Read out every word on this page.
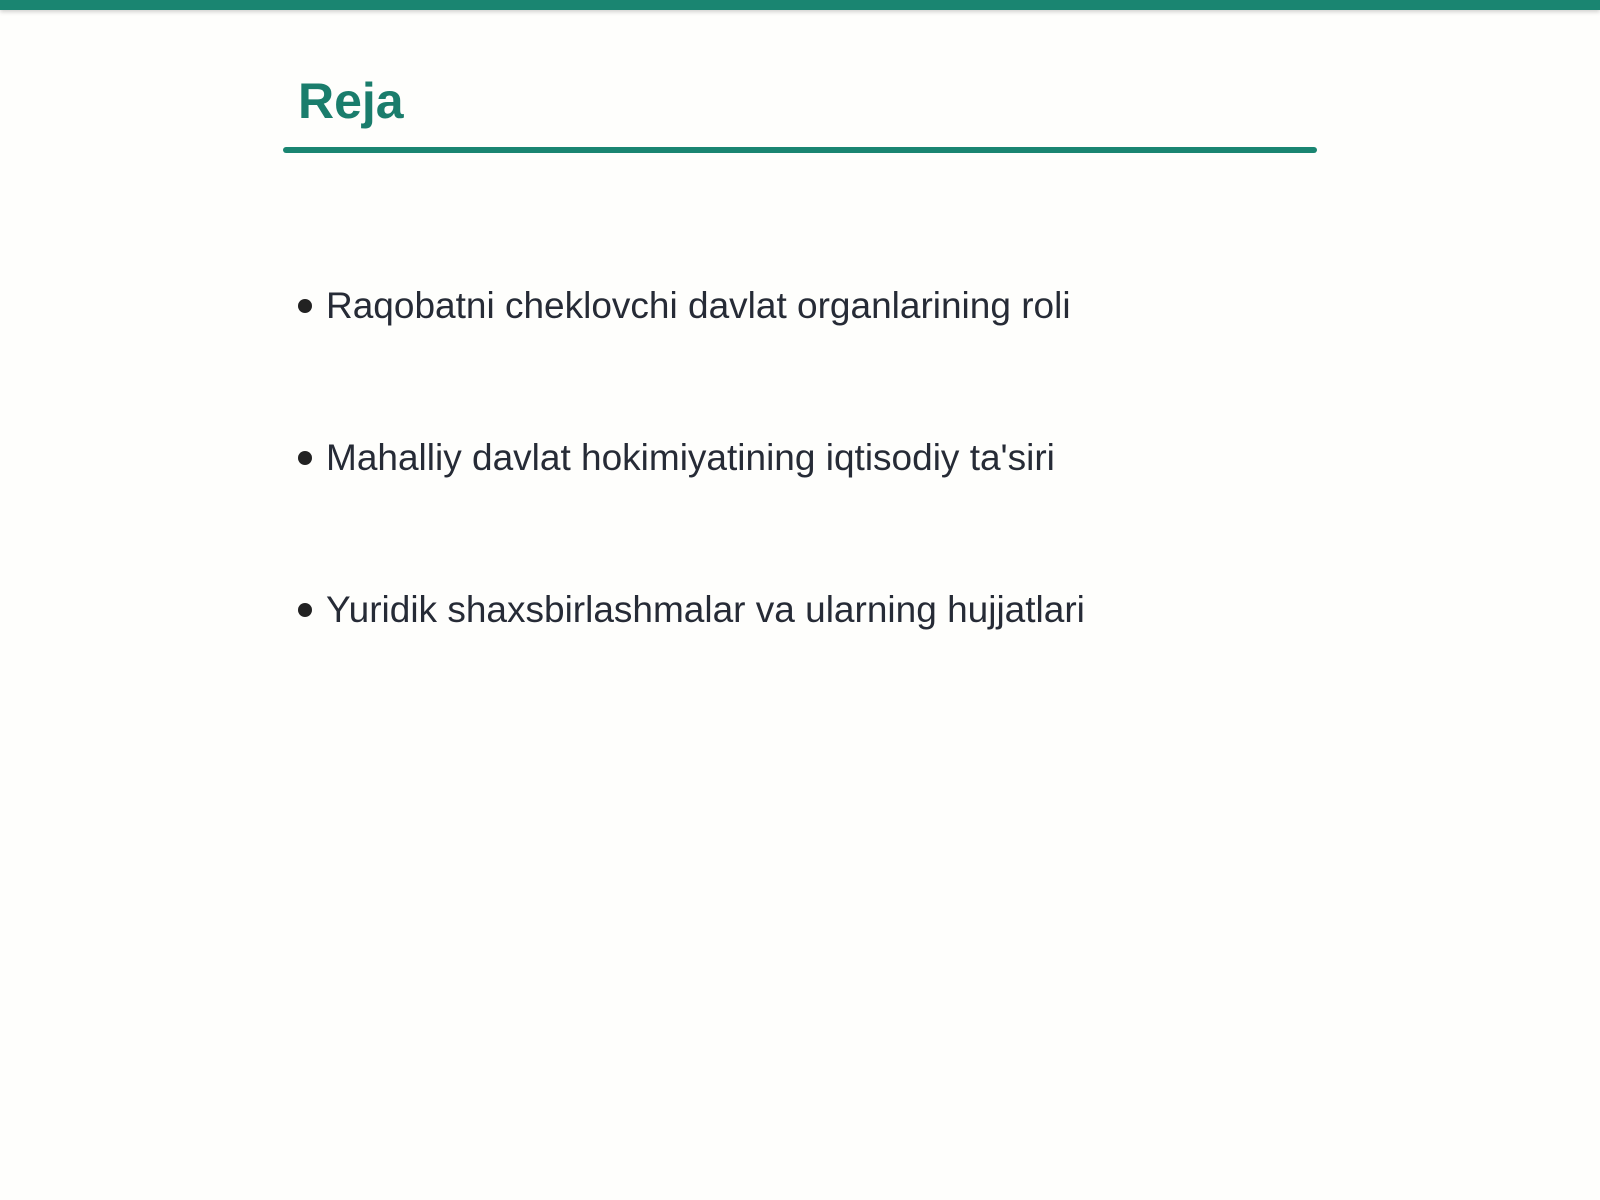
Reja
Raqobatni cheklovchi davlat organlarining roli
Mahalliy davlat hokimiyatining iqtisodiy ta'siri
Yuridik shaxsbirlashmalar va ularning hujjatlari
